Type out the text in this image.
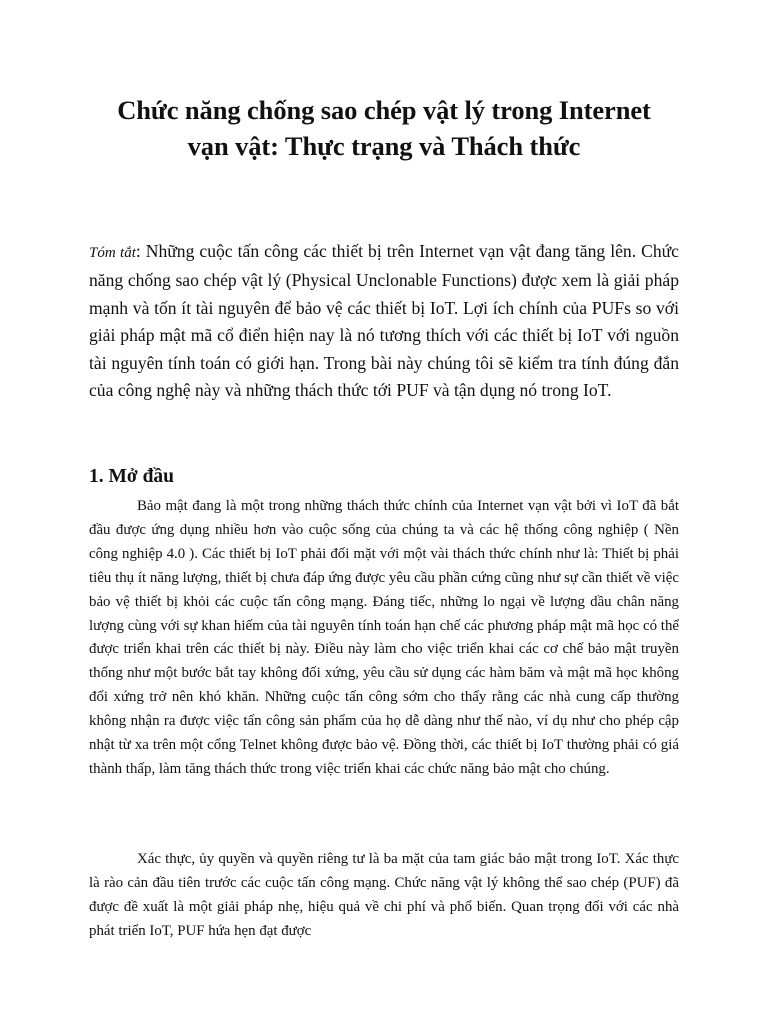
Chức năng chống sao chép vật lý trong Internet
vạn vật: Thực trạng và Thách thức

Tóm tắt: Những cuộc tấn công các thiết bị trên Internet vạn vật đang tăng lên. Chức năng chống sao chép vật lý (Physical Unclonable Functions) được xem là giải pháp mạnh và tốn ít tài nguyên để bảo vệ các thiết bị IoT. Lợi ích chính của PUFs so với giải pháp mật mã cổ điển hiện nay là nó tương thích với các thiết bị IoT với nguồn tài nguyên tính toán có giới hạn. Trong bài này chúng tôi sẽ kiểm tra tính đúng đắn của công nghệ này và những thách thức tới PUF và tận dụng nó trong IoT.

1. Mở đầu

Bảo mật đang là một trong những thách thức chính của Internet vạn vật bởi vì IoT đã bắt đầu được ứng dụng nhiều hơn vào cuộc sống của chúng ta và các hệ thống công nghiệp ( Nền công nghiệp 4.0 ). Các thiết bị IoT phải đối mặt với một vài thách thức chính như là: Thiết bị phải tiêu thụ ít năng lượng, thiết bị chưa đáp ứng được yêu cầu phần cứng cũng như sự cần thiết về việc bảo vệ thiết bị khỏi các cuộc tấn công mạng. Đáng tiếc, những lo ngại về lượng dầu chân năng lượng cùng với sự khan hiếm của tài nguyên tính toán hạn chế các phương pháp mật mã học có thể được triển khai trên các thiết bị này. Điều này làm cho việc triển khai các cơ chế bảo mật truyền thống như một bước bắt tay không đối xứng, yêu cầu sử dụng các hàm băm và mật mã học không đối xứng trở nên khó khăn. Những cuộc tấn công sớm cho thấy rằng các nhà cung cấp thường không nhận ra được việc tấn công sản phẩm của họ dễ dàng như thế nào, ví dụ như cho phép cập nhật từ xa trên một cổng Telnet không được bảo vệ. Đồng thời, các thiết bị IoT thường phải có giá thành thấp, làm tăng thách thức trong việc triển khai các chức năng bảo mật cho chúng.

Xác thực, ủy quyền và quyền riêng tư là ba mặt của tam giác bảo mật trong IoT. Xác thực là rào cản đầu tiên trước các cuộc tấn công mạng. Chức năng vật lý không thể sao chép (PUF) đã được đề xuất là một giải pháp nhẹ, hiệu quả về chi phí và phổ biến. Quan trọng đối với các nhà phát triển IoT, PUF hứa hẹn đạt được
